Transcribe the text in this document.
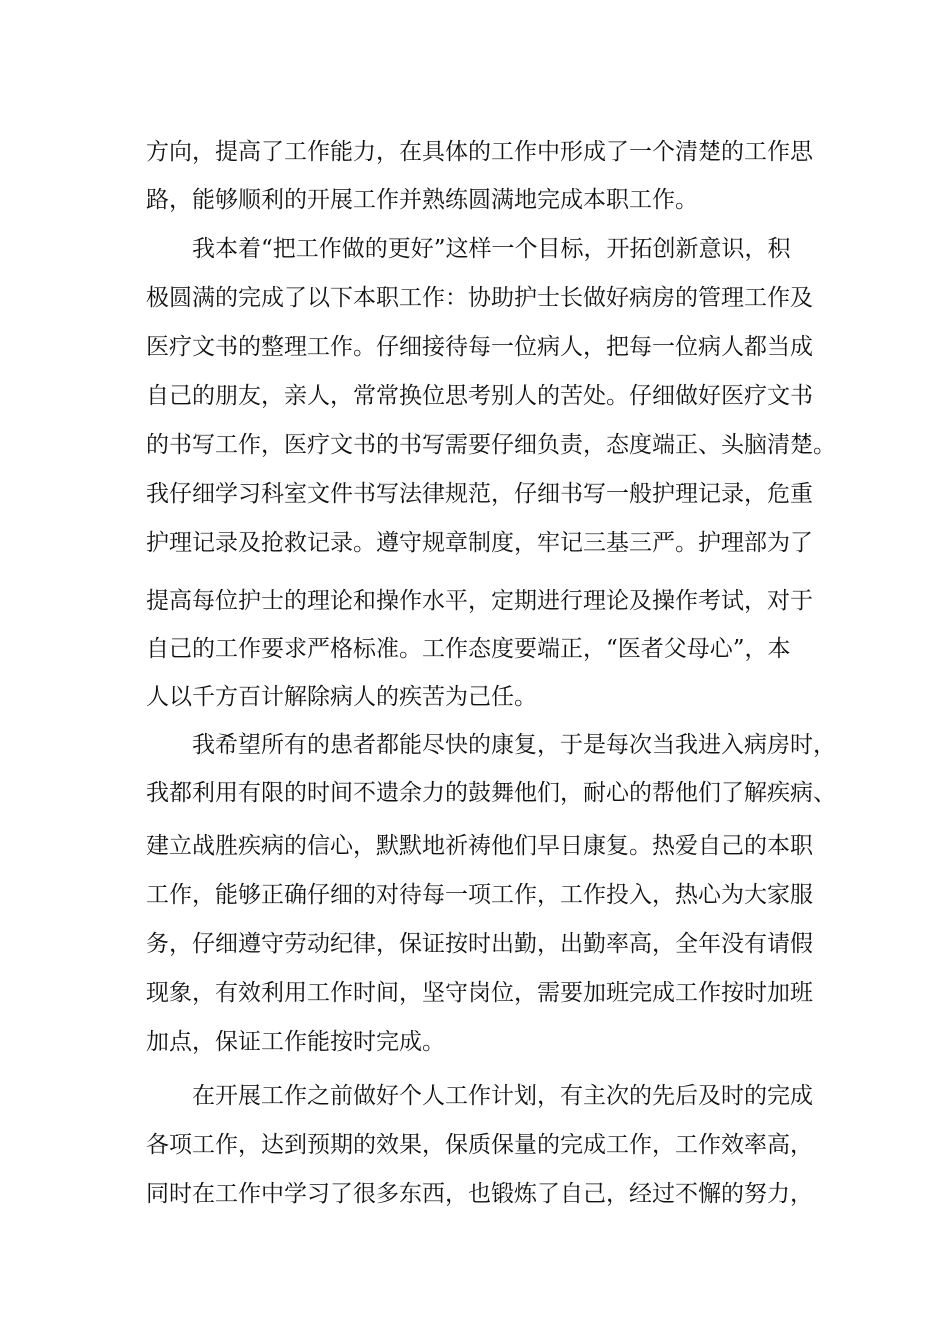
方向，提高了工作能力，在具体的工作中形成了一个清楚的工作思
路，能够顺利的开展工作并熟练圆满地完成本职工作。
我本着“把工作做的更好”这样一个目标，开拓创新意识，积
极圆满的完成了以下本职工作：协助护士长做好病房的管理工作及
医疗文书的整理工作。仔细接待每一位病人，把每一位病人都当成
自己的朋友，亲人，常常换位思考别人的苦处。仔细做好医疗文书
的书写工作，医疗文书的书写需要仔细负责，态度端正、头脑清楚。
我仔细学习科室文件书写法律规范，仔细书写一般护理记录，危重
护理记录及抢救记录。遵守规章制度，牢记三基三严。护理部为了
提高每位护士的理论和操作水平，定期进行理论及操作考试，对于
自己的工作要求严格标准。工作态度要端正，“医者父母心”，本
人以千方百计解除病人的疾苦为己任。
我希望所有的患者都能尽快的康复，于是每次当我进入病房时，
我都利用有限的时间不遗余力的鼓舞他们，耐心的帮他们了解疾病、
建立战胜疾病的信心，默默地祈祷他们早日康复。热爱自己的本职
工作，能够正确仔细的对待每一项工作，工作投入，热心为大家服
务，仔细遵守劳动纪律，保证按时出勤，出勤率高，全年没有请假
现象，有效利用工作时间，坚守岗位，需要加班完成工作按时加班
加点，保证工作能按时完成。
在开展工作之前做好个人工作计划，有主次的先后及时的完成
各项工作，达到预期的效果，保质保量的完成工作，工作效率高，
同时在工作中学习了很多东西，也锻炼了自己，经过不懈的努力，
